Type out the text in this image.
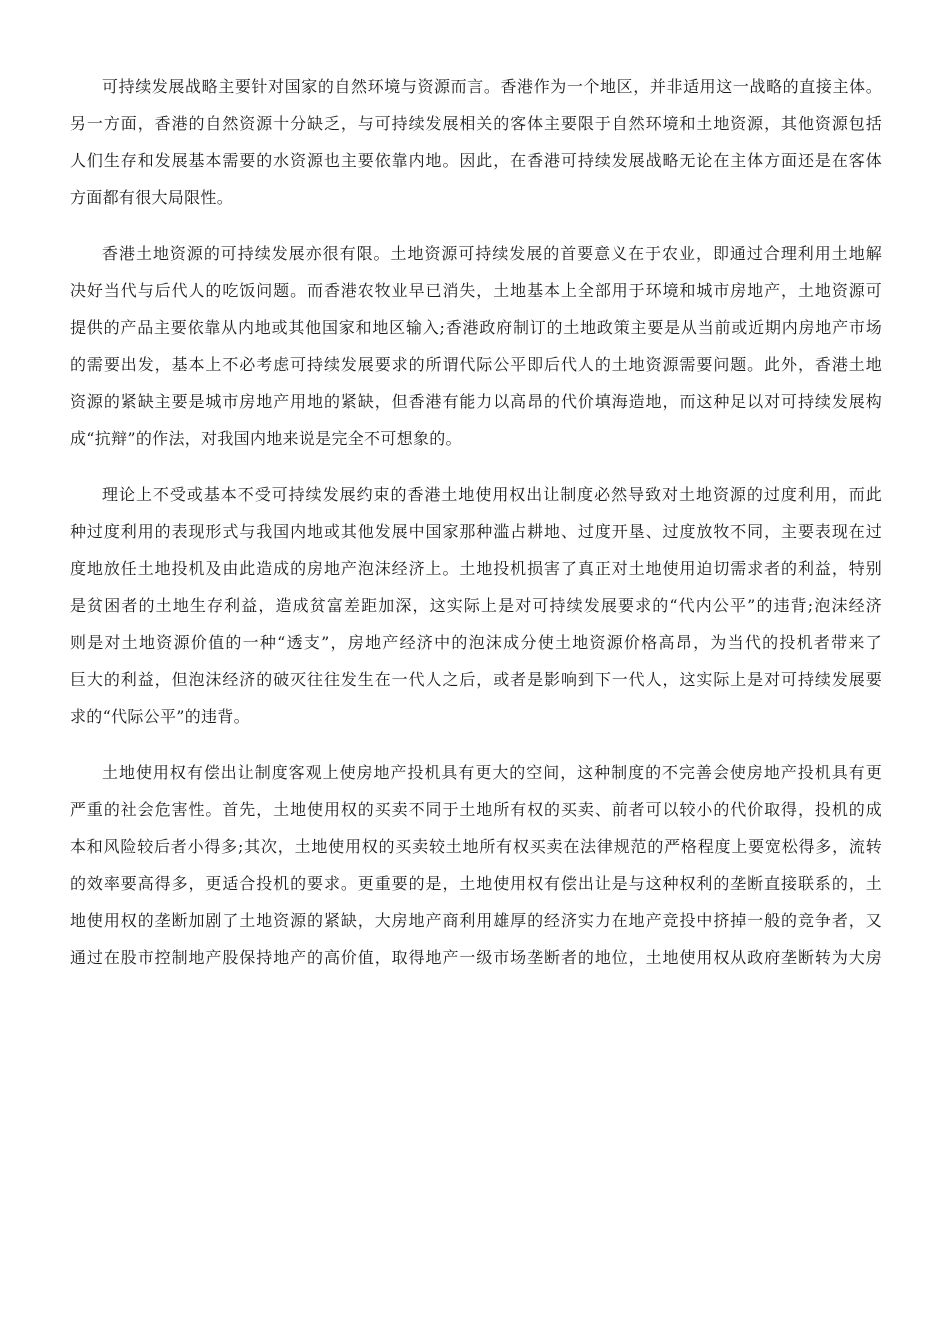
可持续发展战略主要针对国家的自然环境与资源而言。香港作为一个地区，并非适用这一战略的直接主体。
另一方面，香港的自然资源十分缺乏，与可持续发展相关的客体主要限于自然环境和土地资源，其他资源包括
人们生存和发展基本需要的水资源也主要依靠内地。因此，在香港可持续发展战略无论在主体方面还是在客体
方面都有很大局限性。
香港土地资源的可持续发展亦很有限。土地资源可持续发展的首要意义在于农业，即通过合理利用土地解
决好当代与后代人的吃饭问题。而香港农牧业早已消失，土地基本上全部用于环境和城市房地产，土地资源可
提供的产品主要依靠从内地或其他国家和地区输入;香港政府制订的土地政策主要是从当前或近期内房地产市场
的需要出发，基本上不必考虑可持续发展要求的所谓代际公平即后代人的土地资源需要问题。此外，香港土地
资源的紧缺主要是城市房地产用地的紧缺，但香港有能力以高昂的代价填海造地，而这种足以对可持续发展构
成“抗辩”的作法，对我国内地来说是完全不可想象的。
理论上不受或基本不受可持续发展约束的香港土地使用权出让制度必然导致对土地资源的过度利用，而此
种过度利用的表现形式与我国内地或其他发展中国家那种滥占耕地、过度开垦、过度放牧不同，主要表现在过
度地放任土地投机及由此造成的房地产泡沫经济上。土地投机损害了真正对土地使用迫切需求者的利益，特别
是贫困者的土地生存利益，造成贫富差距加深，这实际上是对可持续发展要求的“代内公平”的违背;泡沫经济
则是对土地资源价值的一种“透支”，房地产经济中的泡沫成分使土地资源价格高昂，为当代的投机者带来了
巨大的利益，但泡沫经济的破灭往往发生在一代人之后，或者是影响到下一代人，这实际上是对可持续发展要
求的“代际公平”的违背。
土地使用权有偿出让制度客观上使房地产投机具有更大的空间，这种制度的不完善会使房地产投机具有更
严重的社会危害性。首先，土地使用权的买卖不同于土地所有权的买卖、前者可以较小的代价取得，投机的成
本和风险较后者小得多;其次，土地使用权的买卖较土地所有权买卖在法律规范的严格程度上要宽松得多，流转
的效率要高得多，更适合投机的要求。更重要的是，土地使用权有偿出让是与这种权利的垄断直接联系的，土
地使用权的垄断加剧了土地资源的紧缺，大房地产商利用雄厚的经济实力在地产竞投中挤掉一般的竞争者，又
通过在股市控制地产股保持地产的高价值，取得地产一级市场垄断者的地位，土地使用权从政府垄断转为大房
